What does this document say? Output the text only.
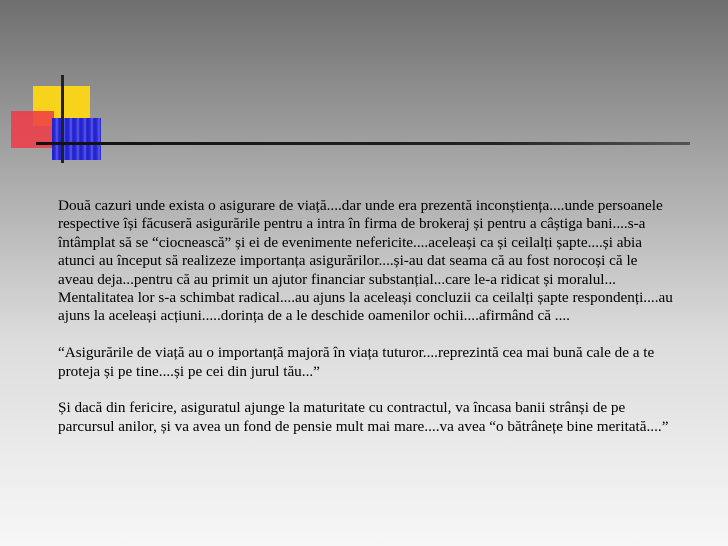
Două cazuri unde exista o asigurare de viață....dar unde era prezentă inconștiența....unde persoanele respective își făcuseră asigurările pentru a intra în firma de brokeraj și pentru a câștiga bani....s-a întâmplat să se “ciocnească” și ei de evenimente nefericite....aceleași ca și ceilalți șapte....și abia atunci au început să realizeze importanța asigurărilor....și-au dat seama că au fost norocoși că le aveau deja...pentru că au primit un ajutor financiar substanțial...care le-a ridicat și moralul...

Mentalitatea lor s-a schimbat radical....au ajuns la aceleași concluzii ca ceilalți șapte respondenți....au ajuns la aceleași acțiuni.....dorința de a le deschide oamenilor ochii....afirmând că ....

“Asigurările de viață au o importanță majoră în viața tuturor....reprezintă cea mai bună cale de a te proteja și pe tine....și pe cei din jurul tău...”

Și dacă din fericire, asiguratul ajunge la maturitate cu contractul, va încasa banii strânși de pe parcursul anilor, și va avea un fond de pensie mult mai mare....va avea “o bătrânețe bine meritată....”
